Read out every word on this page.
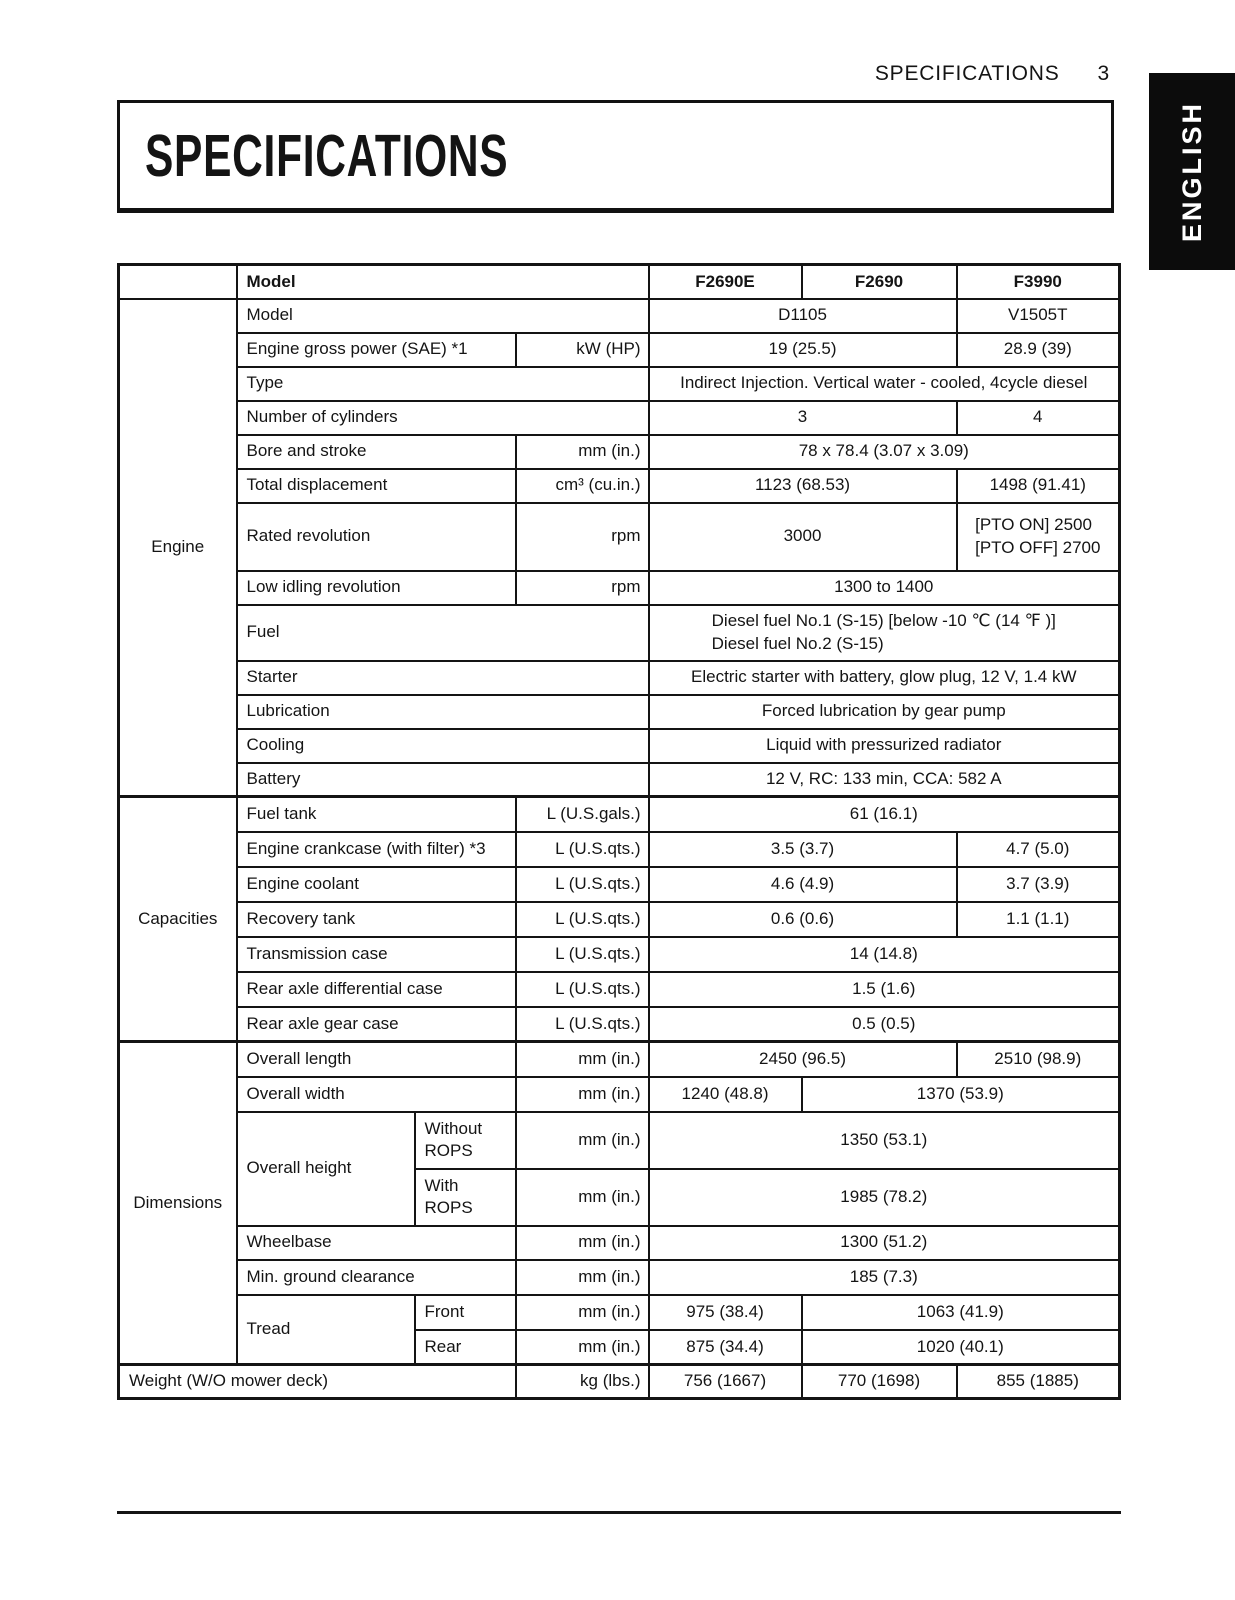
SPECIFICATIONS 3
ENGLISH
SPECIFICATIONS
	Model			F2690E	F2690	F3990
Engine	Model			D1105		V1505T
	Engine gross power (SAE) *1		kW (HP)	19 (25.5)		28.9 (39)
	Type			Indirect Injection. Vertical water - cooled, 4cycle diesel		
	Number of cylinders			3		4
	Bore and stroke		mm (in.)	78 x 78.4 (3.07 x 3.09)		
	Total displacement		cm³ (cu.in.)	1123 (68.53)		1498 (91.41)
	Rated revolution		rpm	3000		[PTO ON] 2500
[PTO OFF] 2700

	Low idling revolution		rpm	1300 to 1400		
	Fuel			Diesel fuel No.1 (S-15) [below -10 ℃ (14 ℉ )]
Diesel fuel No.2 (S-15)		

	Starter			Electric starter with battery, glow plug, 12 V, 1.4 kW		
	Lubrication			Forced lubrication by gear pump		
	Cooling			Liquid with pressurized radiator		
	Battery			12 V, RC: 133 min, CCA: 582 A		
Capacities	Fuel tank		L (U.S.gals.)	61 (16.1)		
	Engine crankcase (with filter) *3		L (U.S.qts.)	3.5 (3.7)		4.7 (5.0)
	Engine coolant		L (U.S.qts.)	4.6 (4.9)		3.7 (3.9)
	Recovery tank		L (U.S.qts.)	0.6 (0.6)		1.1 (1.1)
	Transmission case		L (U.S.qts.)	14 (14.8)		
	Rear axle differential case		L (U.S.qts.)	1.5 (1.6)		
	Rear axle gear case		L (U.S.qts.)	0.5 (0.5)		
Dimensions	Overall length		mm (in.)	2450 (96.5)		2510 (98.9)
	Overall width		mm (in.)	1240 (48.8)	1370 (53.9)	
	Overall height	Without ROPS	mm (in.)	1350 (53.1)		
		With ROPS	mm (in.)	1985 (78.2)		
	Wheelbase		mm (in.)	1300 (51.2)		
	Min. ground clearance		mm (in.)	185 (7.3)		
	Tread	Front	mm (in.)	975 (38.4)	1063 (41.9)	
		Rear	mm (in.)	875 (34.4)	1020 (40.1)	
Weight (W/O mower deck)			kg (lbs.)	756 (1667)	770 (1698)	855 (1885)
